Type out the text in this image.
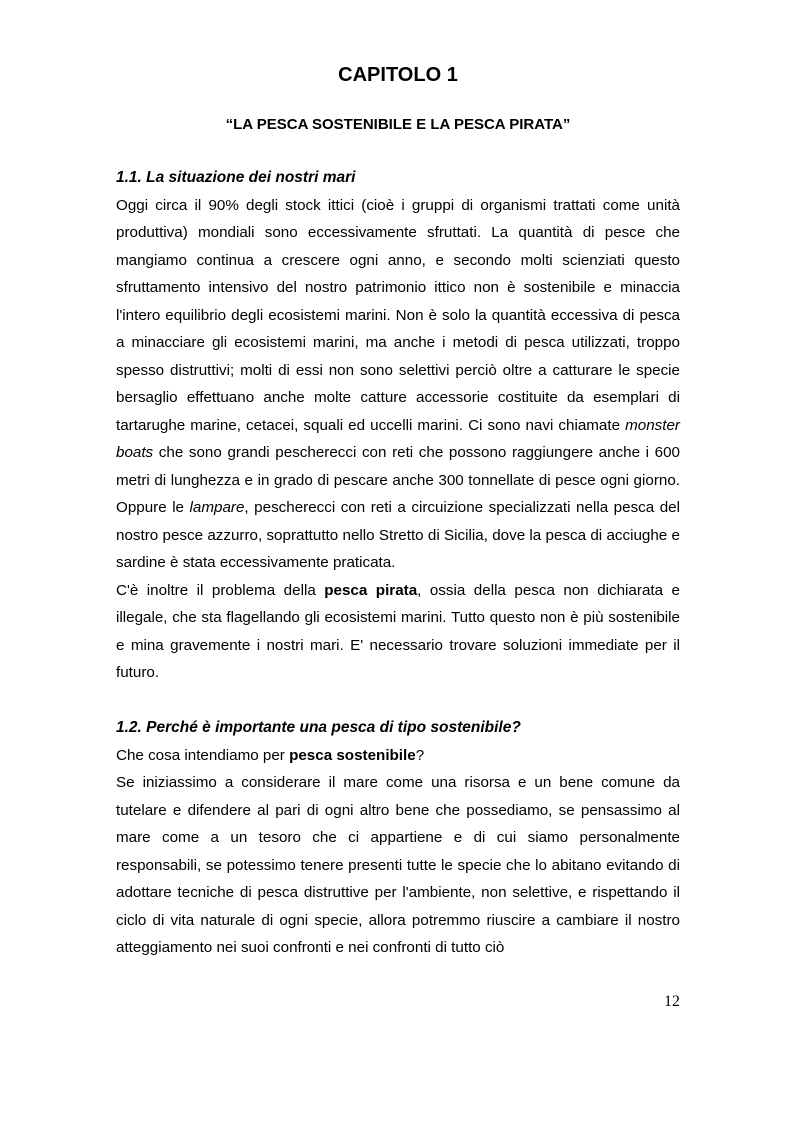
CAPITOLO 1
“LA PESCA SOSTENIBILE E LA PESCA PIRATA”
1.1. La situazione dei nostri mari

Oggi circa il 90% degli stock ittici (cioè i gruppi di organismi trattati come unità produttiva) mondiali sono eccessivamente sfruttati. La quantità di pesce che mangiamo continua a crescere ogni anno, e secondo molti scienziati questo sfruttamento intensivo del nostro patrimonio ittico non è sostenibile e minaccia l'intero equilibrio degli ecosistemi marini. Non è solo la quantità eccessiva di pesca a minacciare gli ecosistemi marini, ma anche i metodi di pesca utilizzati, troppo spesso distruttivi; molti di essi non sono selettivi perciò oltre a catturare le specie bersaglio effettuano anche molte catture accessorie costituite da esemplari di tartarughe marine, cetacei, squali ed uccelli marini. Ci sono navi chiamate monster boats che sono grandi pescherecci con reti che possono raggiungere anche i 600 metri di lunghezza e in grado di pescare anche 300 tonnellate di pesce ogni giorno. Oppure le lampare, pescherecci con reti a circuizione specializzati nella pesca del nostro pesce azzurro, soprattutto nello Stretto di Sicilia, dove la pesca di acciughe e sardine è stata eccessivamente praticata.

C'è inoltre il problema della pesca pirata, ossia della pesca non dichiarata e illegale, che sta flagellando gli ecosistemi marini. Tutto questo non è più sostenibile e mina gravemente i nostri mari. E' necessario trovare soluzioni immediate per il futuro.

1.2. Perché è importante una pesca di tipo sostenibile?

Che cosa intendiamo per pesca sostenibile?

Se iniziassimo a considerare il mare come una risorsa e un bene comune da tutelare e difendere al pari di ogni altro bene che possediamo, se pensassimo al mare come a un tesoro che ci appartiene e di cui siamo personalmente responsabili, se potessimo tenere presenti tutte le specie che lo abitano evitando di adottare tecniche di pesca distruttive per l'ambiente, non selettive, e rispettando il ciclo di vita naturale di ogni specie, allora potremmo riuscire a cambiare il nostro atteggiamento nei suoi confronti e nei confronti di tutto ciò

12
